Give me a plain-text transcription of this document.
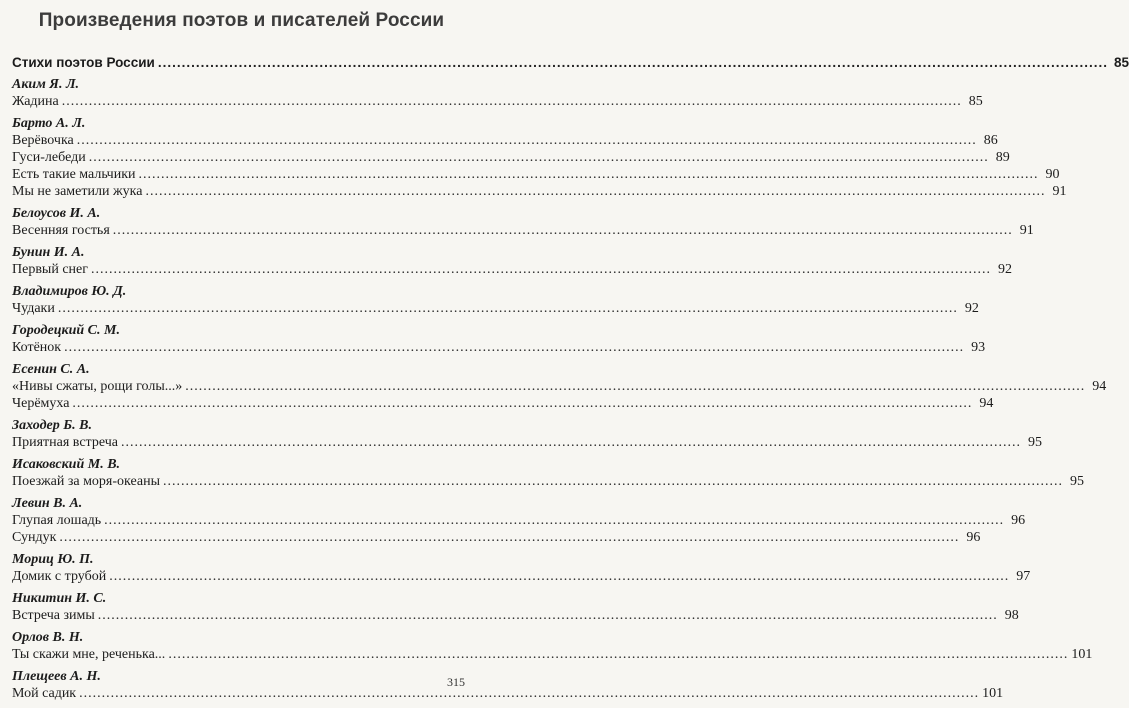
Произведения поэтов и писателей России
Стихи поэтов России ........................................................................................................................................................................................................ 85
Аким Я. Л.
Жадина ........................................................................................................................................................................................................ 85
Барто А. Л.
Верёвочка ........................................................................................................................................................................................................ 86
Гуси-лебеди ........................................................................................................................................................................................................ 89
Есть такие мальчики ........................................................................................................................................................................................................ 90
Мы не заметили жука ........................................................................................................................................................................................................ 91
Белоусов И. А.
Весенняя гостья ........................................................................................................................................................................................................ 91
Бунин И. А.
Первый снег ........................................................................................................................................................................................................ 92
Владимиров Ю. Д.
Чудаки ........................................................................................................................................................................................................ 92
Городецкий С. М.
Котёнок ........................................................................................................................................................................................................ 93
Есенин С. А.
«Нивы сжаты, рощи голы...» ........................................................................................................................................................................................................ 94
Черёмуха ........................................................................................................................................................................................................ 94
Заходер Б. В.
Приятная встреча ........................................................................................................................................................................................................ 95
Исаковский М. В.
Поезжай за моря-океаны ........................................................................................................................................................................................................ 95
Левин В. А.
Глупая лошадь ........................................................................................................................................................................................................ 96
Сундук ........................................................................................................................................................................................................ 96
Мориц Ю. П.
Домик с трубой ........................................................................................................................................................................................................ 97
Никитин И. С.
Встреча зимы ........................................................................................................................................................................................................ 98
Орлов В. Н.
Ты скажи мне, реченька... ........................................................................................................................................................................................................ 101
Плещеев А. Н.
Мой садик ........................................................................................................................................................................................................ 101
315
